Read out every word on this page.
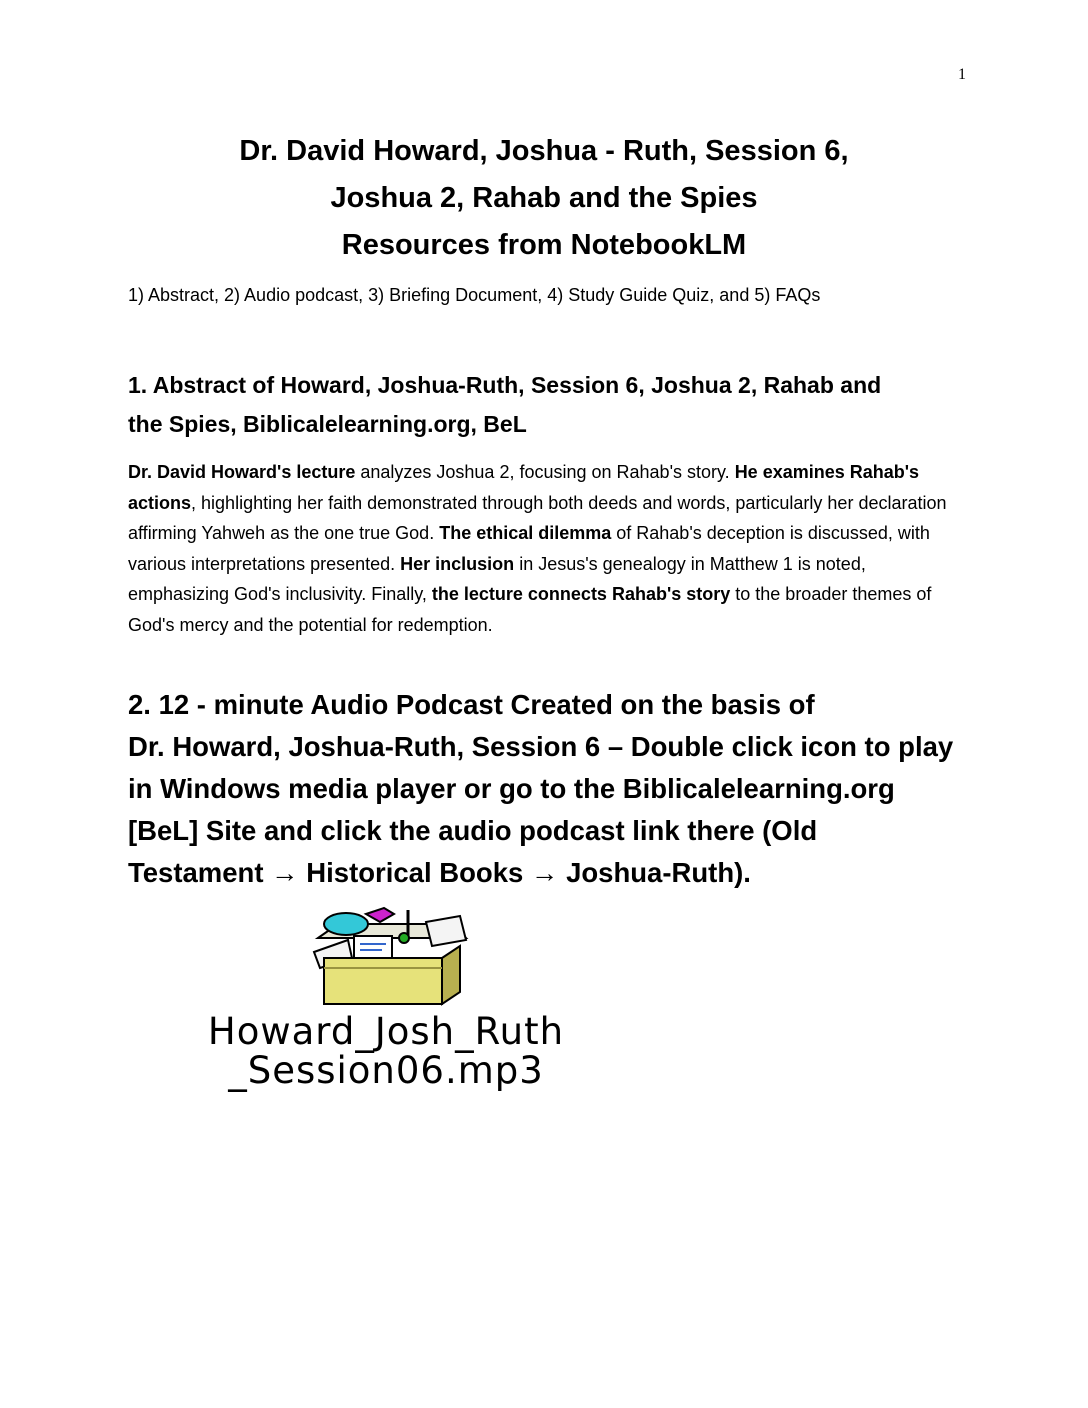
1
Dr. David Howard, Joshua - Ruth, Session 6,
Joshua 2, Rahab and the Spies
Resources from NotebookLM
1) Abstract, 2) Audio podcast, 3) Briefing Document, 4) Study Guide Quiz, and 5) FAQs
1. Abstract of Howard, Joshua-Ruth, Session 6, Joshua 2, Rahab and
the Spies, Biblicalelearning.org, BeL
Dr. David Howard's lecture analyzes Joshua 2, focusing on Rahab's story. He examines Rahab's actions, highlighting her faith demonstrated through both deeds and words, particularly her declaration affirming Yahweh as the one true God. The ethical dilemma of Rahab's deception is discussed, with various interpretations presented. Her inclusion in Jesus's genealogy in Matthew 1 is noted, emphasizing God's inclusivity. Finally, the lecture connects Rahab's story to the broader themes of God's mercy and the potential for redemption.
2. 12 - minute Audio Podcast Created on the basis of
Dr. Howard, Joshua-Ruth, Session 6 – Double click icon to play
in Windows media player or go to the Biblicalelearning.org
[BeL] Site and click the audio podcast link there (Old
Testament → Historical Books → Joshua-Ruth).
Howard_Josh_Ruth
_Session06.mp3
